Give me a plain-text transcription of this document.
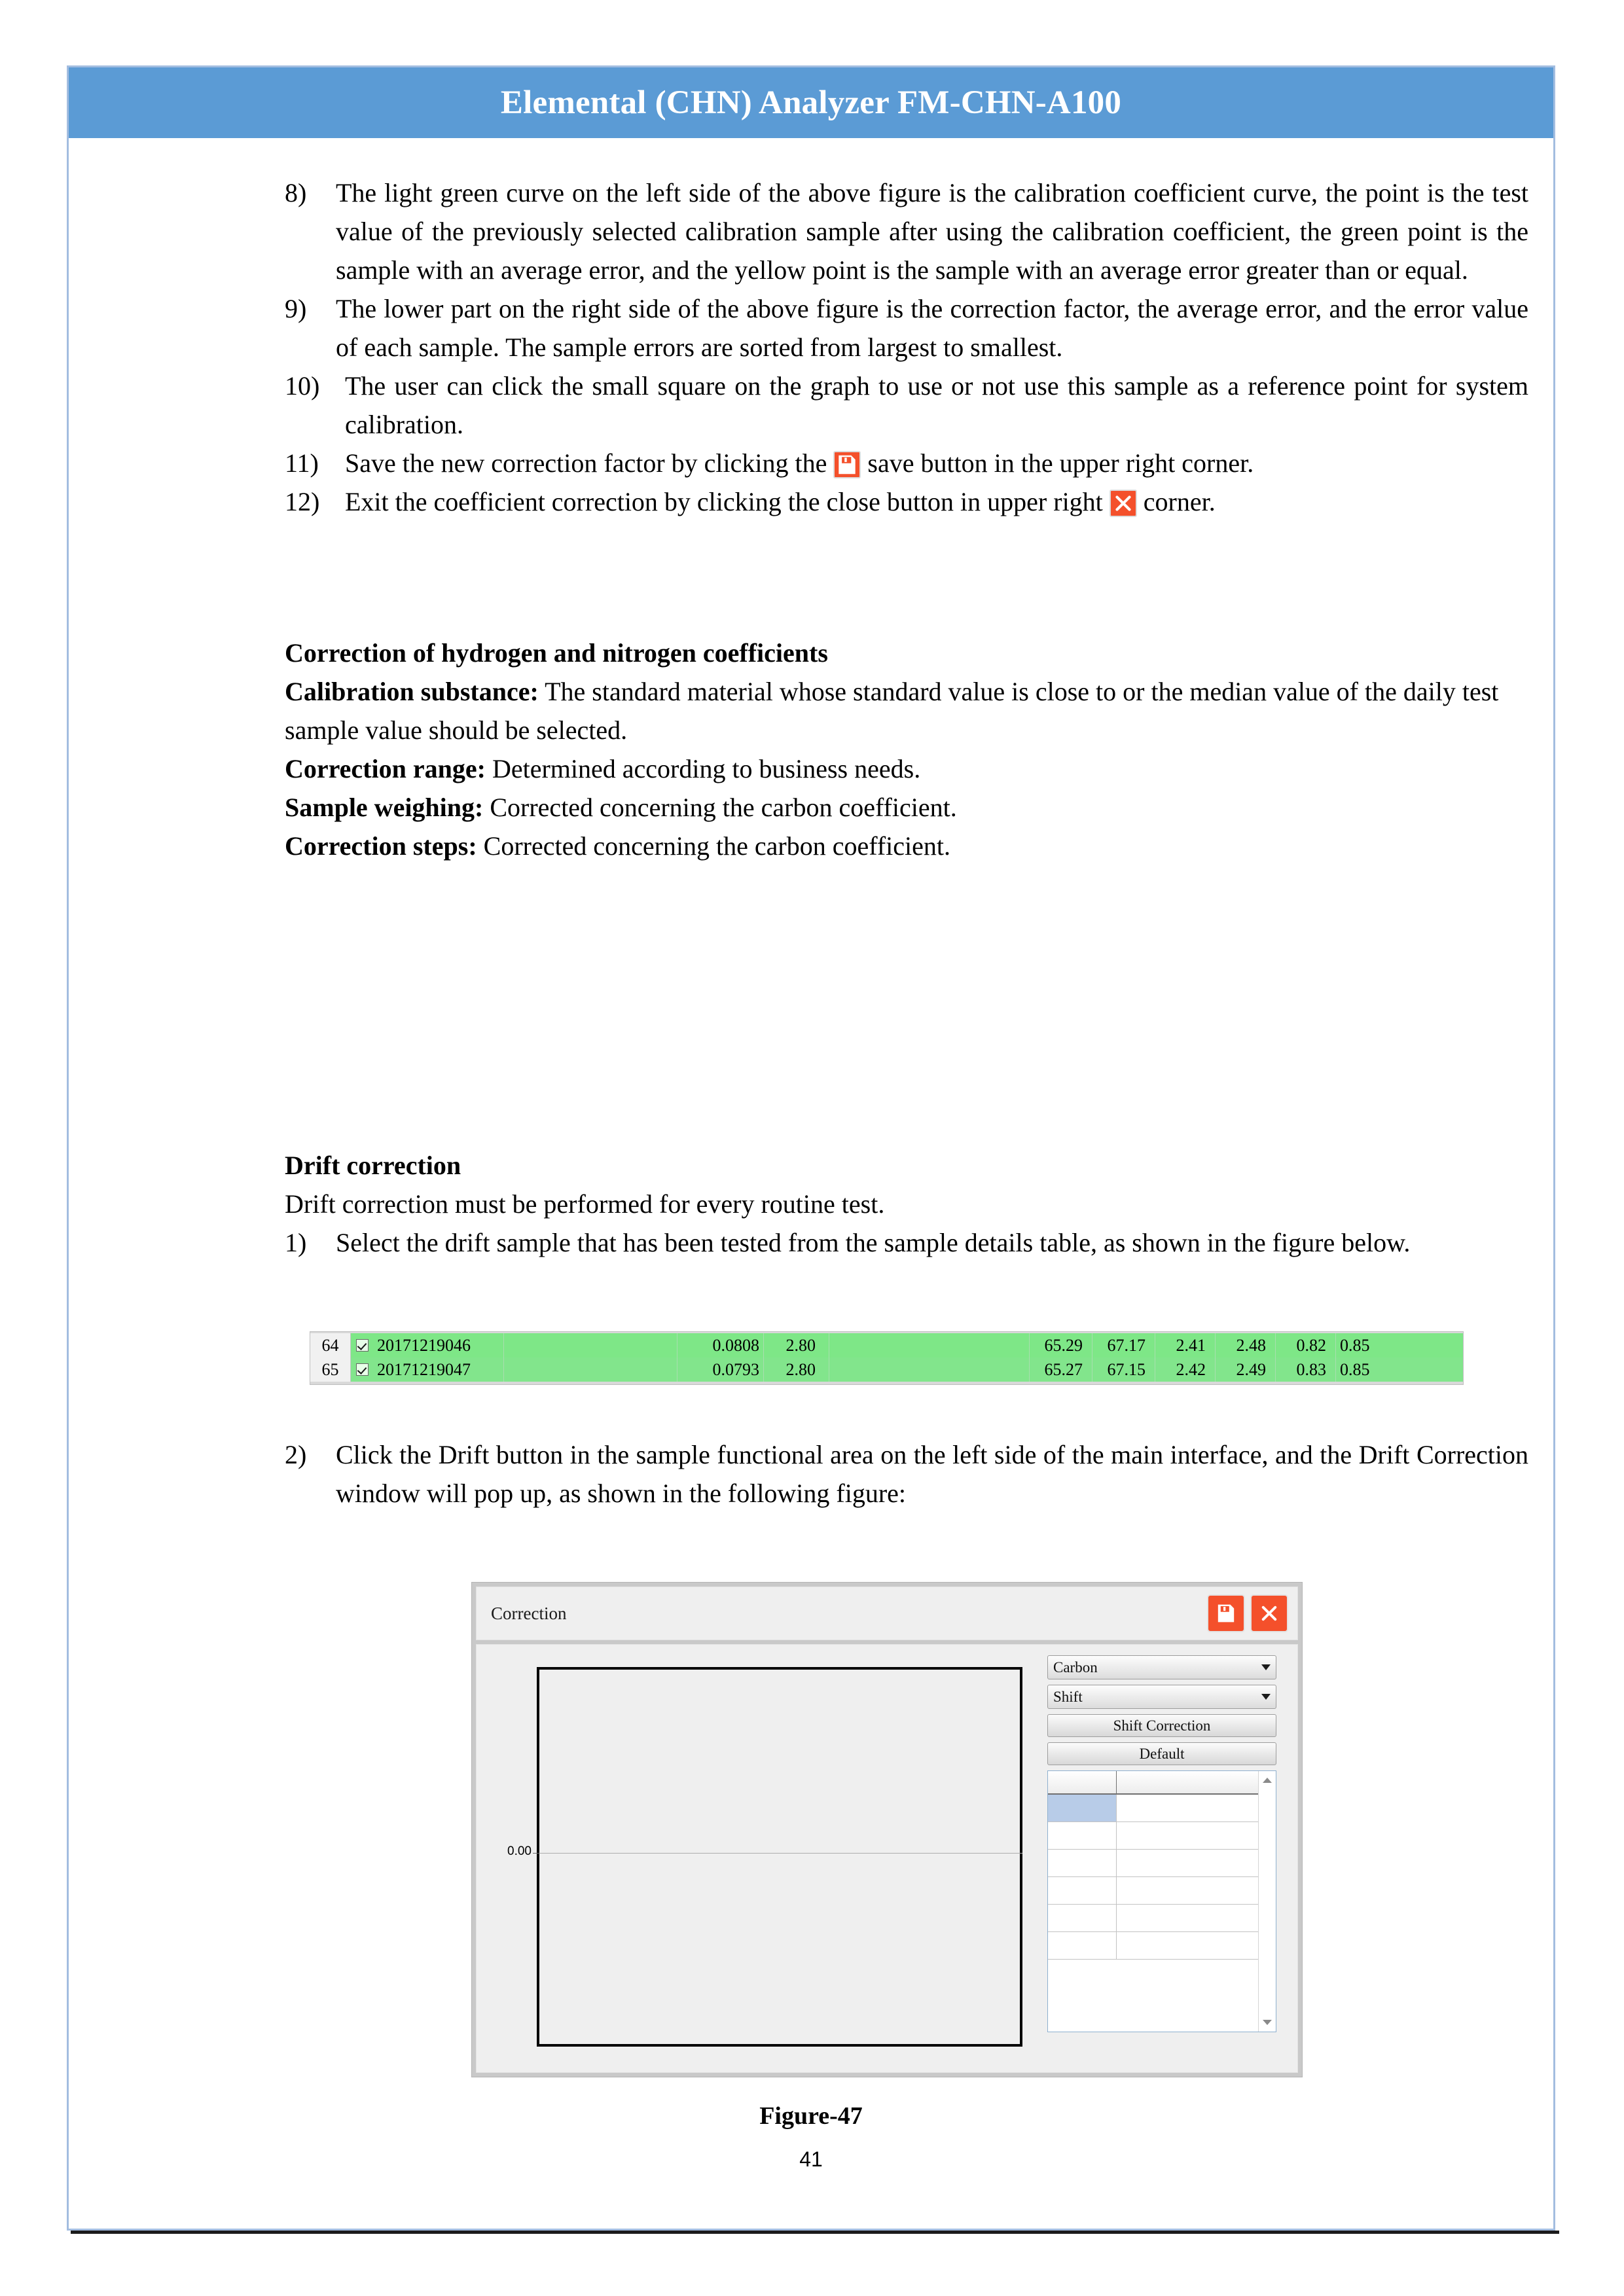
Elemental (CHN) Analyzer FM-CHN-A100
8)	The light green curve on the left side of the above figure is the calibration coefficient curve, the point is the test value of the previously selected calibration sample after using the calibration coefficient, the green point is the sample with an average error, and the yellow point is the sample with an average error greater than or equal.
9)	The lower part on the right side of the above figure is the correction factor, the average error, and the error value of each sample. The sample errors are sorted from largest to smallest.
10) The user can click the small square on the graph to use or not use this sample as a reference point for system calibration.
11)	Save the new correction factor by clicking the save button in the upper right corner.
12) Exit the coefficient correction by clicking the close button in upper right corner.
Correction of hydrogen and nitrogen coefficients
Calibration substance: The standard material whose standard value is close to or the median value of the daily test sample value should be selected.
Correction range: Determined according to business needs.
Sample weighing: Corrected concerning the carbon coefficient.
Correction steps: Corrected concerning the carbon coefficient.
Drift correction
Drift correction must be performed for every routine test.
1)	Select the drift sample that has been tested from the sample details table, as shown in the figure below.
64	20171219046	0.0808	2.80	65.29	67.17	2.41	2.48	0.82 0.85
65	20171219047	0.0793	2.80	65.27	67.15	2.42	2.49	0.83 0.85
2)	Click the Drift button in the sample functional area on the left side of the main interface, and the Drift Correction window will pop up, as shown in the following figure:
Correction
0.00
Carbon
Shift
Shift Correction
Default
Figure-47
41
